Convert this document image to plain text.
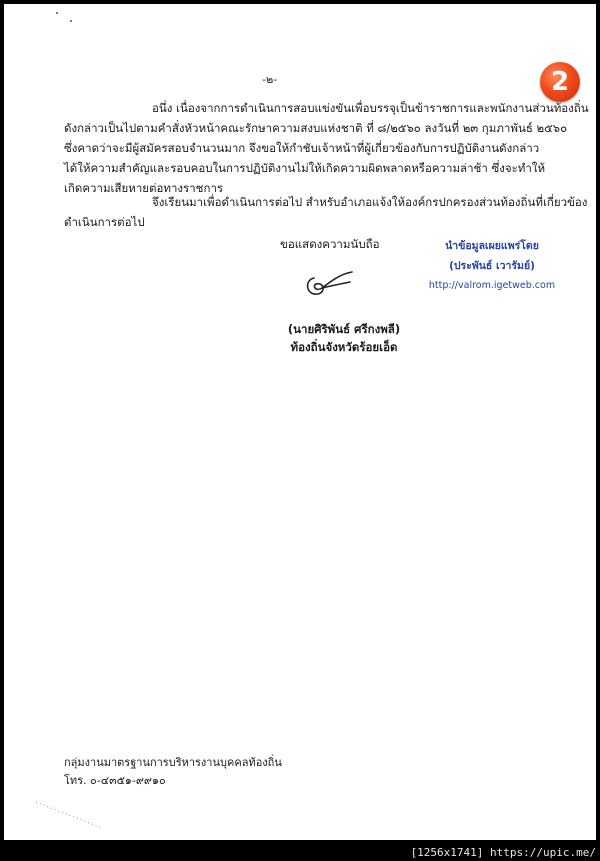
-๒-	2

อนึ่ง เนื่องจากการดำเนินการสอบแข่งขันเพื่อบรรจุเป็นข้าราชการและพนักงานส่วนท้องถิ่น
ดังกล่าวเป็นไปตามคำสั่งหัวหน้าคณะรักษาความสงบแห่งชาติ ที่ ๘/๒๕๖๐ ลงวันที่ ๒๓ กุมภาพันธ์ ๒๕๖๐
ซึ่งคาดว่าจะมีผู้สมัครสอบจำนวนมาก จึงขอให้กำชับเจ้าหน้าที่ผู้เกี่ยวข้องกับการปฏิบัติงานดังกล่าว
ได้ให้ความสำคัญและรอบคอบในการปฏิบัติงานไม่ให้เกิดความผิดพลาดหรือความล่าช้า ซึ่งจะทำให้
เกิดความเสียหายต่อทางราชการ

จึงเรียนมาเพื่อดำเนินการต่อไป สำหรับอำเภอแจ้งให้องค์กรปกครองส่วนท้องถิ่นที่เกี่ยวข้อง
ดำเนินการต่อไป

ขอแสดงความนับถือ	นำข้อมูลเผยแพร่โดย
(ประพันธ์ เวารัมย์)
http://valrom.igetweb.com
(นายศิริพันธ์ ศรีกงพลี)
ท้องถิ่นจังหวัดร้อยเอ็ด
กลุ่มงานมาตรฐานการบริหารงานบุคคลท้องถิ่น
โทร. ๐-๔๓๕๑-๙๙๑๐
[1256x1741] https://upic.me/
